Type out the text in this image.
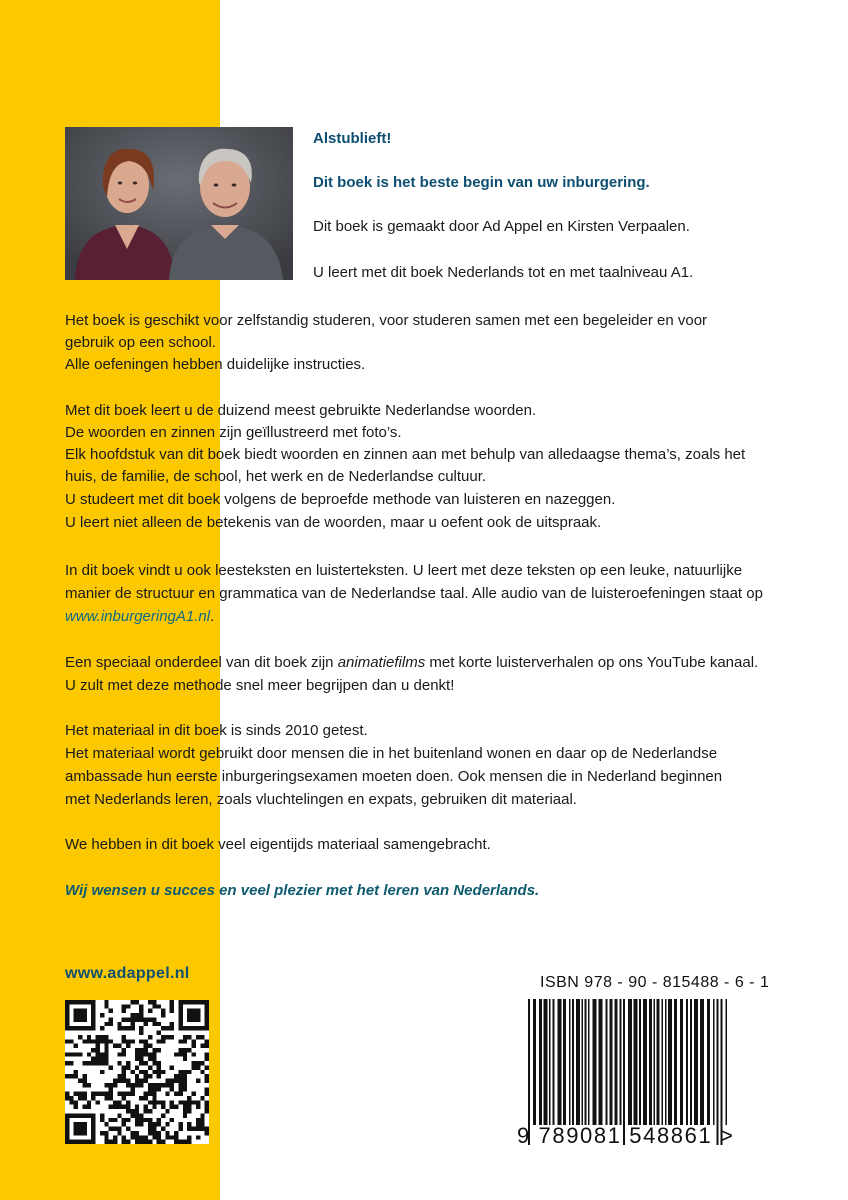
Alstublieft!

Dit boek is het beste begin van uw inburgering.

Dit boek is gemaakt door Ad Appel en Kirsten Verpaalen.

U leert met dit boek Nederlands tot en met taalniveau A1.

Het boek is geschikt voor zelfstandig studeren, voor studeren samen met een begeleider en voor

gebruik op een school.

Alle oefeningen hebben duidelijke instructies.

Met dit boek leert u de duizend meest gebruikte Nederlandse woorden.

De woorden en zinnen zijn geïllustreerd met foto’s.

Elk hoofdstuk van dit boek biedt woorden en zinnen aan met behulp van alledaagse thema’s, zoals het

huis, de familie, de school, het werk en de Nederlandse cultuur.

U studeert met dit boek volgens de beproefde methode van luisteren en nazeggen.

U leert niet alleen de betekenis van de woorden, maar u oefent ook de uitspraak.

In dit boek vindt u ook leesteksten en luisterteksten. U leert met deze teksten op een leuke, natuurlijke

manier de structuur en grammatica van de Nederlandse taal. Alle audio van de luisteroefeningen staat op

www.inburgeringA1.nl.

Een speciaal onderdeel van dit boek zijn animatiefilms met korte luisterverhalen op ons YouTube kanaal.

U zult met deze methode snel meer begrijpen dan u denkt!

Het materiaal in dit boek is sinds 2010 getest.

Het materiaal wordt gebruikt door mensen die in het buitenland wonen en daar op de Nederlandse

ambassade hun eerste inburgeringsexamen moeten doen. Ook mensen die in Nederland beginnen

met Nederlands leren, zoals vluchtelingen en expats, gebruiken dit materiaal.

We hebben in dit boek veel eigentijds materiaal samengebracht.

Wij wensen u succes en veel plezier met het leren van Nederlands.

www.adappel.nl

ISBN 978 - 90 - 815488 - 6 - 1

9 789081 548861 >
